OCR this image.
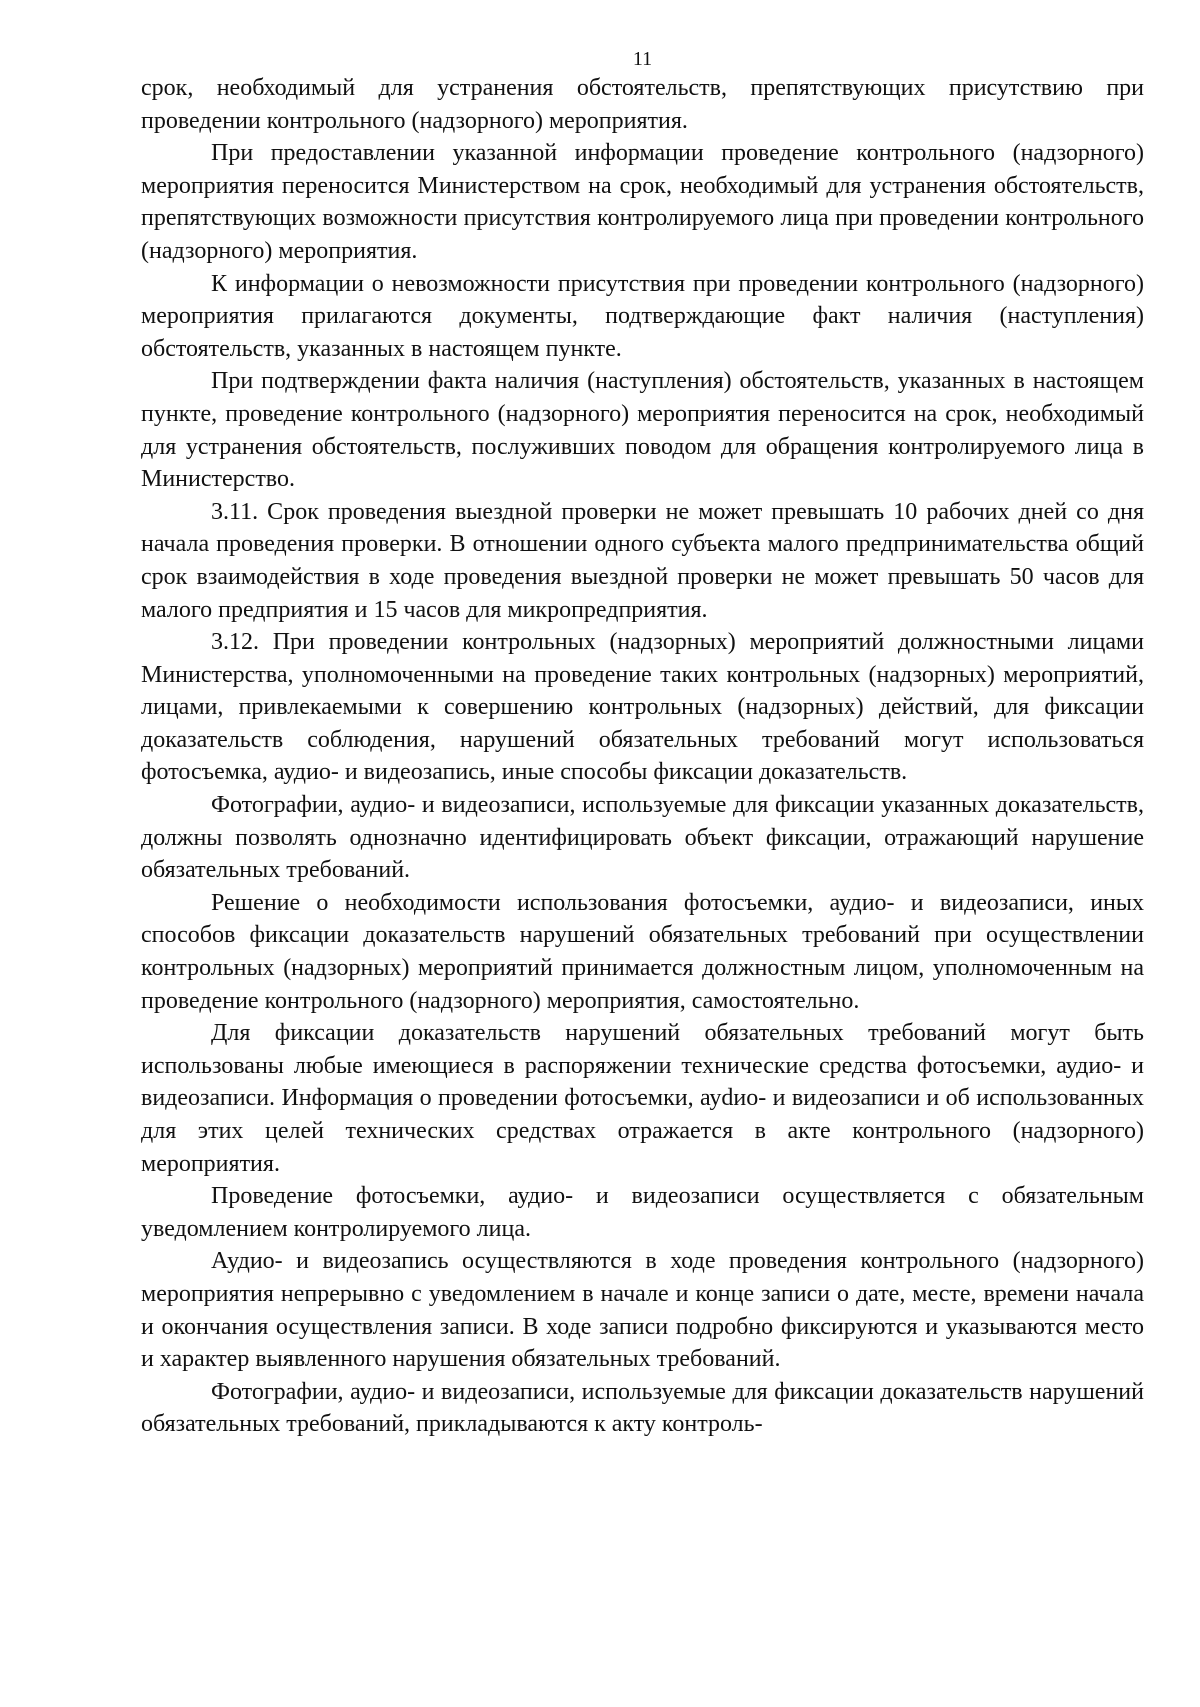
11

срок, необходимый для устранения обстоятельств, препятствующих присутствию при проведении контрольного (надзорного) мероприятия.

При предоставлении указанной информации проведение контрольного (надзорного) мероприятия переносится Министерством на срок, необходимый для устранения обстоятельств, препятствующих возможности присутствия контролируемого лица при проведении контрольного (надзорного) мероприятия.

К информации о невозможности присутствия при проведении контрольного (надзорного) мероприятия прилагаются документы, подтверждающие факт наличия (наступления) обстоятельств, указанных в настоящем пункте.

При подтверждении факта наличия (наступления) обстоятельств, указанных в настоящем пункте, проведение контрольного (надзорного) мероприятия переносится на срок, необходимый для устранения обстоятельств, послуживших поводом для обращения контролируемого лица в Министерство.

3.11. Срок проведения выездной проверки не может превышать 10 рабочих дней со дня начала проведения проверки. В отношении одного субъекта малого предпринимательства общий срок взаимодействия в ходе проведения выездной проверки не может превышать 50 часов для малого предприятия и 15 часов для микропредприятия.

3.12. При проведении контрольных (надзорных) мероприятий должностными лицами Министерства, уполномоченными на проведение таких контрольных (надзорных) мероприятий, лицами, привлекаемыми к совершению контрольных (надзорных) действий, для фиксации доказательств соблюдения, нарушений обязательных требований могут использоваться фотосъемка, аудио- и видеозапись, иные способы фиксации доказательств.

Фотографии, аудио- и видеозаписи, используемые для фиксации указанных доказательств, должны позволять однозначно идентифицировать объект фиксации, отражающий нарушение обязательных требований.

Решение о необходимости использования фотосъемки, аудио- и видеозаписи, иных способов фиксации доказательств нарушений обязательных требований при осуществлении контрольных (надзорных) мероприятий принимается должностным лицом, уполномоченным на проведение контрольного (надзорного) мероприятия, самостоятельно.

Для фиксации доказательств нарушений обязательных требований могут быть использованы любые имеющиеся в распоряжении технические средства фотосъемки, аудио- и видеозаписи. Информация о проведении фотосъемки, ауdио- и видеозаписи и об использованных для этих целей технических средствах отражается в акте контрольного (надзорного) мероприятия.

Проведение фотосъемки, аудио- и видеозаписи осуществляется с обязательным уведомлением контролируемого лица.

Аудио- и видеозапись осуществляются в ходе проведения контрольного (надзорного) мероприятия непрерывно с уведомлением в начале и конце записи о дате, месте, времени начала и окончания осуществления записи. В ходе записи подробно фиксируются и указываются место и характер выявленного нарушения обязательных требований.

Фотографии, аудио- и видеозаписи, используемые для фиксации доказательств нарушений обязательных требований, прикладываются к акту контроль-
